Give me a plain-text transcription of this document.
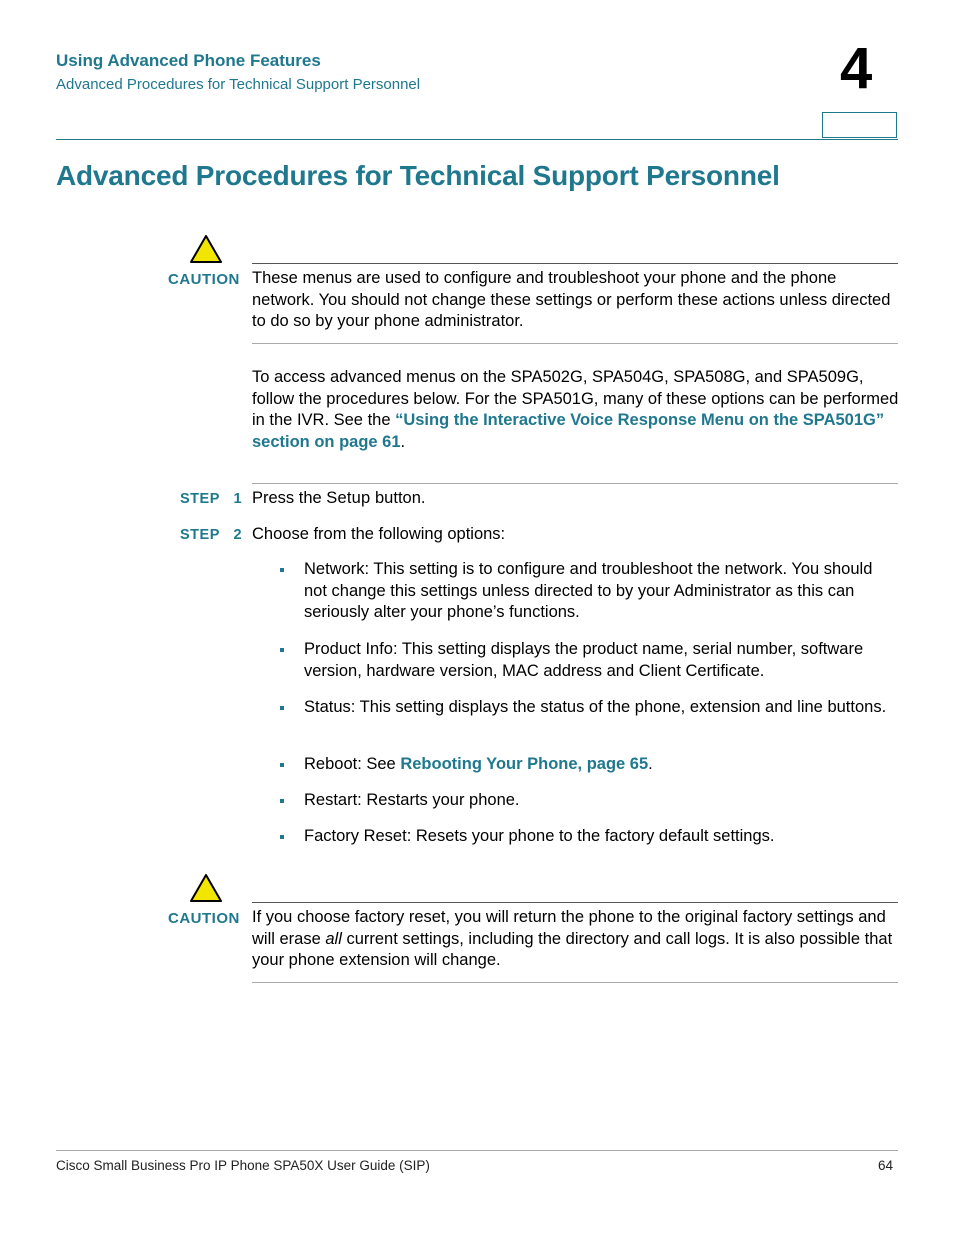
Using Advanced Phone Features
Advanced Procedures for Technical Support Personnel	4
Advanced Procedures for Technical Support Personnel
CAUTION These menus are used to configure and troubleshoot your phone and the phone network. You should not change these settings or perform these actions unless directed to do so by your phone administrator.
To access advanced menus on the SPA502G, SPA504G, SPA508G, and SPA509G, follow the procedures below. For the SPA501G, many of these options can be performed in the IVR. See the “Using the Interactive Voice Response Menu on the SPA501G” section on page 61.
STEP 1 Press the Setup button.
STEP 2 Choose from the following options:
Network: This setting is to configure and troubleshoot the network. You should not change this settings unless directed to by your Administrator as this can seriously alter your phone’s functions.
Product Info: This setting displays the product name, serial number, software version, hardware version, MAC address and Client Certificate.
Status: This setting displays the status of the phone, extension and line buttons.
Reboot: See Rebooting Your Phone, page 65.
Restart: Restarts your phone.
Factory Reset: Resets your phone to the factory default settings.
CAUTION If you choose factory reset, you will return the phone to the original factory settings and will erase all current settings, including the directory and call logs. It is also possible that your phone extension will change.
Cisco Small Business Pro IP Phone SPA50X User Guide (SIP)	64
